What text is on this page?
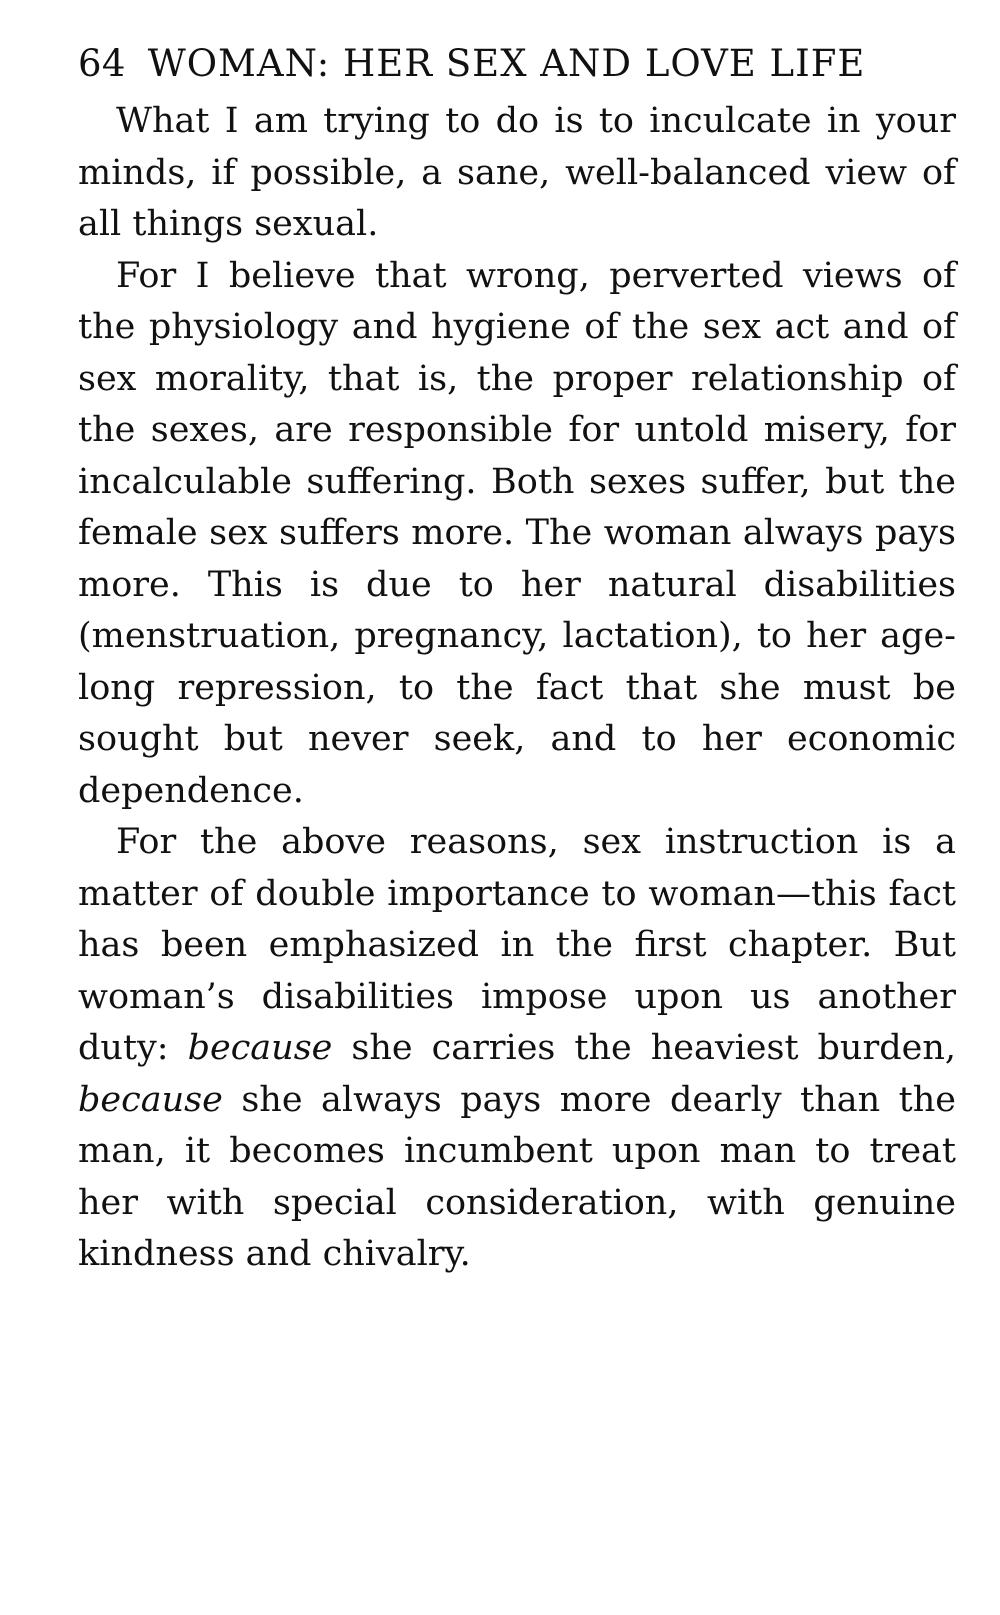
64 WOMAN: HER SEX AND LOVE LIFE

What I am trying to do is to inculcate in your minds, if possible, a sane, well-balanced view of all things sexual.

For I believe that wrong, perverted views of the physiology and hygiene of the sex act and of sex morality, that is, the proper relationship of the sexes, are responsible for untold misery, for incalculable suffering. Both sexes suffer, but the female sex suffers more. The woman always pays more. This is due to her natural disabilities (menstruation, pregnancy, lactation), to her age-long repression, to the fact that she must be sought but never seek, and to her economic dependence.

For the above reasons, sex instruction is a matter of double importance to woman—this fact has been emphasized in the first chapter. But woman’s disabilities impose upon us another duty: because she carries the heaviest burden, because she always pays more dearly than the man, it becomes incumbent upon man to treat her with special consideration, with genuine kindness and chivalry.
